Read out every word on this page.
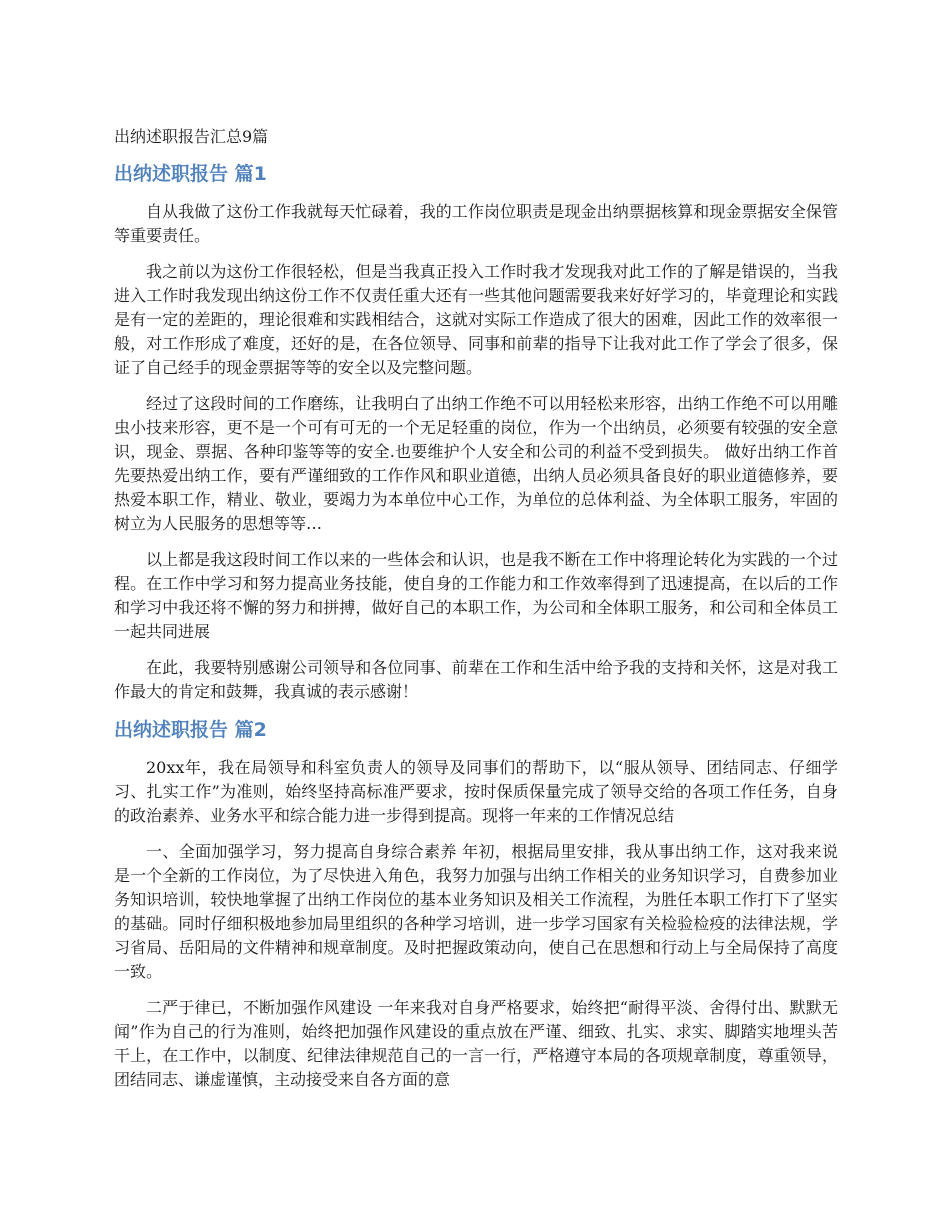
出纳述职报告汇总9篇
出纳述职报告 篇1

自从我做了这份工作我就每天忙碌着，我的工作岗位职责是现金出纳票据核算和现金票据安全保管等重要责任。

我之前以为这份工作很轻松，但是当我真正投入工作时我才发现我对此工作的了解是错误的，当我进入工作时我发现出纳这份工作不仅责任重大还有一些其他问题需要我来好好学习的，毕竟理论和实践是有一定的差距的，理论很难和实践相结合，这就对实际工作造成了很大的困难，因此工作的效率很一般，对工作形成了难度，还好的是，在各位领导、同事和前辈的指导下让我对此工作了学会了很多，保证了自己经手的现金票据等等的安全以及完整问题。

经过了这段时间的工作磨练，让我明白了出纳工作绝不可以用轻松来形容，出纳工作绝不可以用雕虫小技来形容，更不是一个可有可无的一个无足轻重的岗位，作为一个出纳员，必须要有较强的安全意识，现金、票据、各种印鉴等等的安全.也要维护个人安全和公司的利益不受到损失。 做好出纳工作首先要热爱出纳工作，要有严谨细致的工作作风和职业道德，出纳人员必须具备良好的职业道德修养，要热爱本职工作，精业、敬业，要竭力为本单位中心工作，为单位的总体利益、为全体职工服务，牢固的树立为人民服务的思想等等…

以上都是我这段时间工作以来的一些体会和认识，也是我不断在工作中将理论转化为实践的一个过程。在工作中学习和努力提高业务技能，使自身的工作能力和工作效率得到了迅速提高，在以后的工作和学习中我还将不懈的努力和拼搏，做好自己的本职工作，为公司和全体职工服务，和公司和全体员工一起共同进展

在此，我要特别感谢公司领导和各位同事、前辈在工作和生活中给予我的支持和关怀，这是对我工作最大的肯定和鼓舞，我真诚的表示感谢！

出纳述职报告 篇2

20xx年，我在局领导和科室负责人的领导及同事们的帮助下，以“服从领导、团结同志、仔细学习、扎实工作”为准则，始终坚持高标准严要求，按时保质保量完成了领导交给的各项工作任务，自身 的政治素养、业务水平和综合能力进一步得到提高。现将一年来的工作情况总结

一、全面加强学习，努力提高自身综合素养 年初，根据局里安排，我从事出纳工作，这对我来说是一个全新的工作岗位，为了尽快进入角色，我努力加强与出纳工作相关的业务知识学习，自费参加业务知识培训，较快地掌握了出纳工作岗位的基本业务知识及相关工作流程，为胜任本职工作打下了坚实的基础。同时仔细积极地参加局里组织的各种学习培训，进一步学习国家有关检验检疫的法律法规，学习省局、岳阳局的文件精神和规章制度。及时把握政策动向，使自己在思想和行动上与全局保持了高度一致。

二严于律已，不断加强作风建设 一年来我对自身严格要求，始终把“耐得平淡、舍得付出、默默无闻”作为自己的行为准则，始终把加强作风建设的重点放在严谨、细致、扎实、求实、脚踏实地埋头苦干上，在工作中，以制度、纪律法律规范自己的一言一行，严格遵守本局的各项规章制度，尊重领导，团结同志、谦虚谨慎，主动接受来自各方面的意
